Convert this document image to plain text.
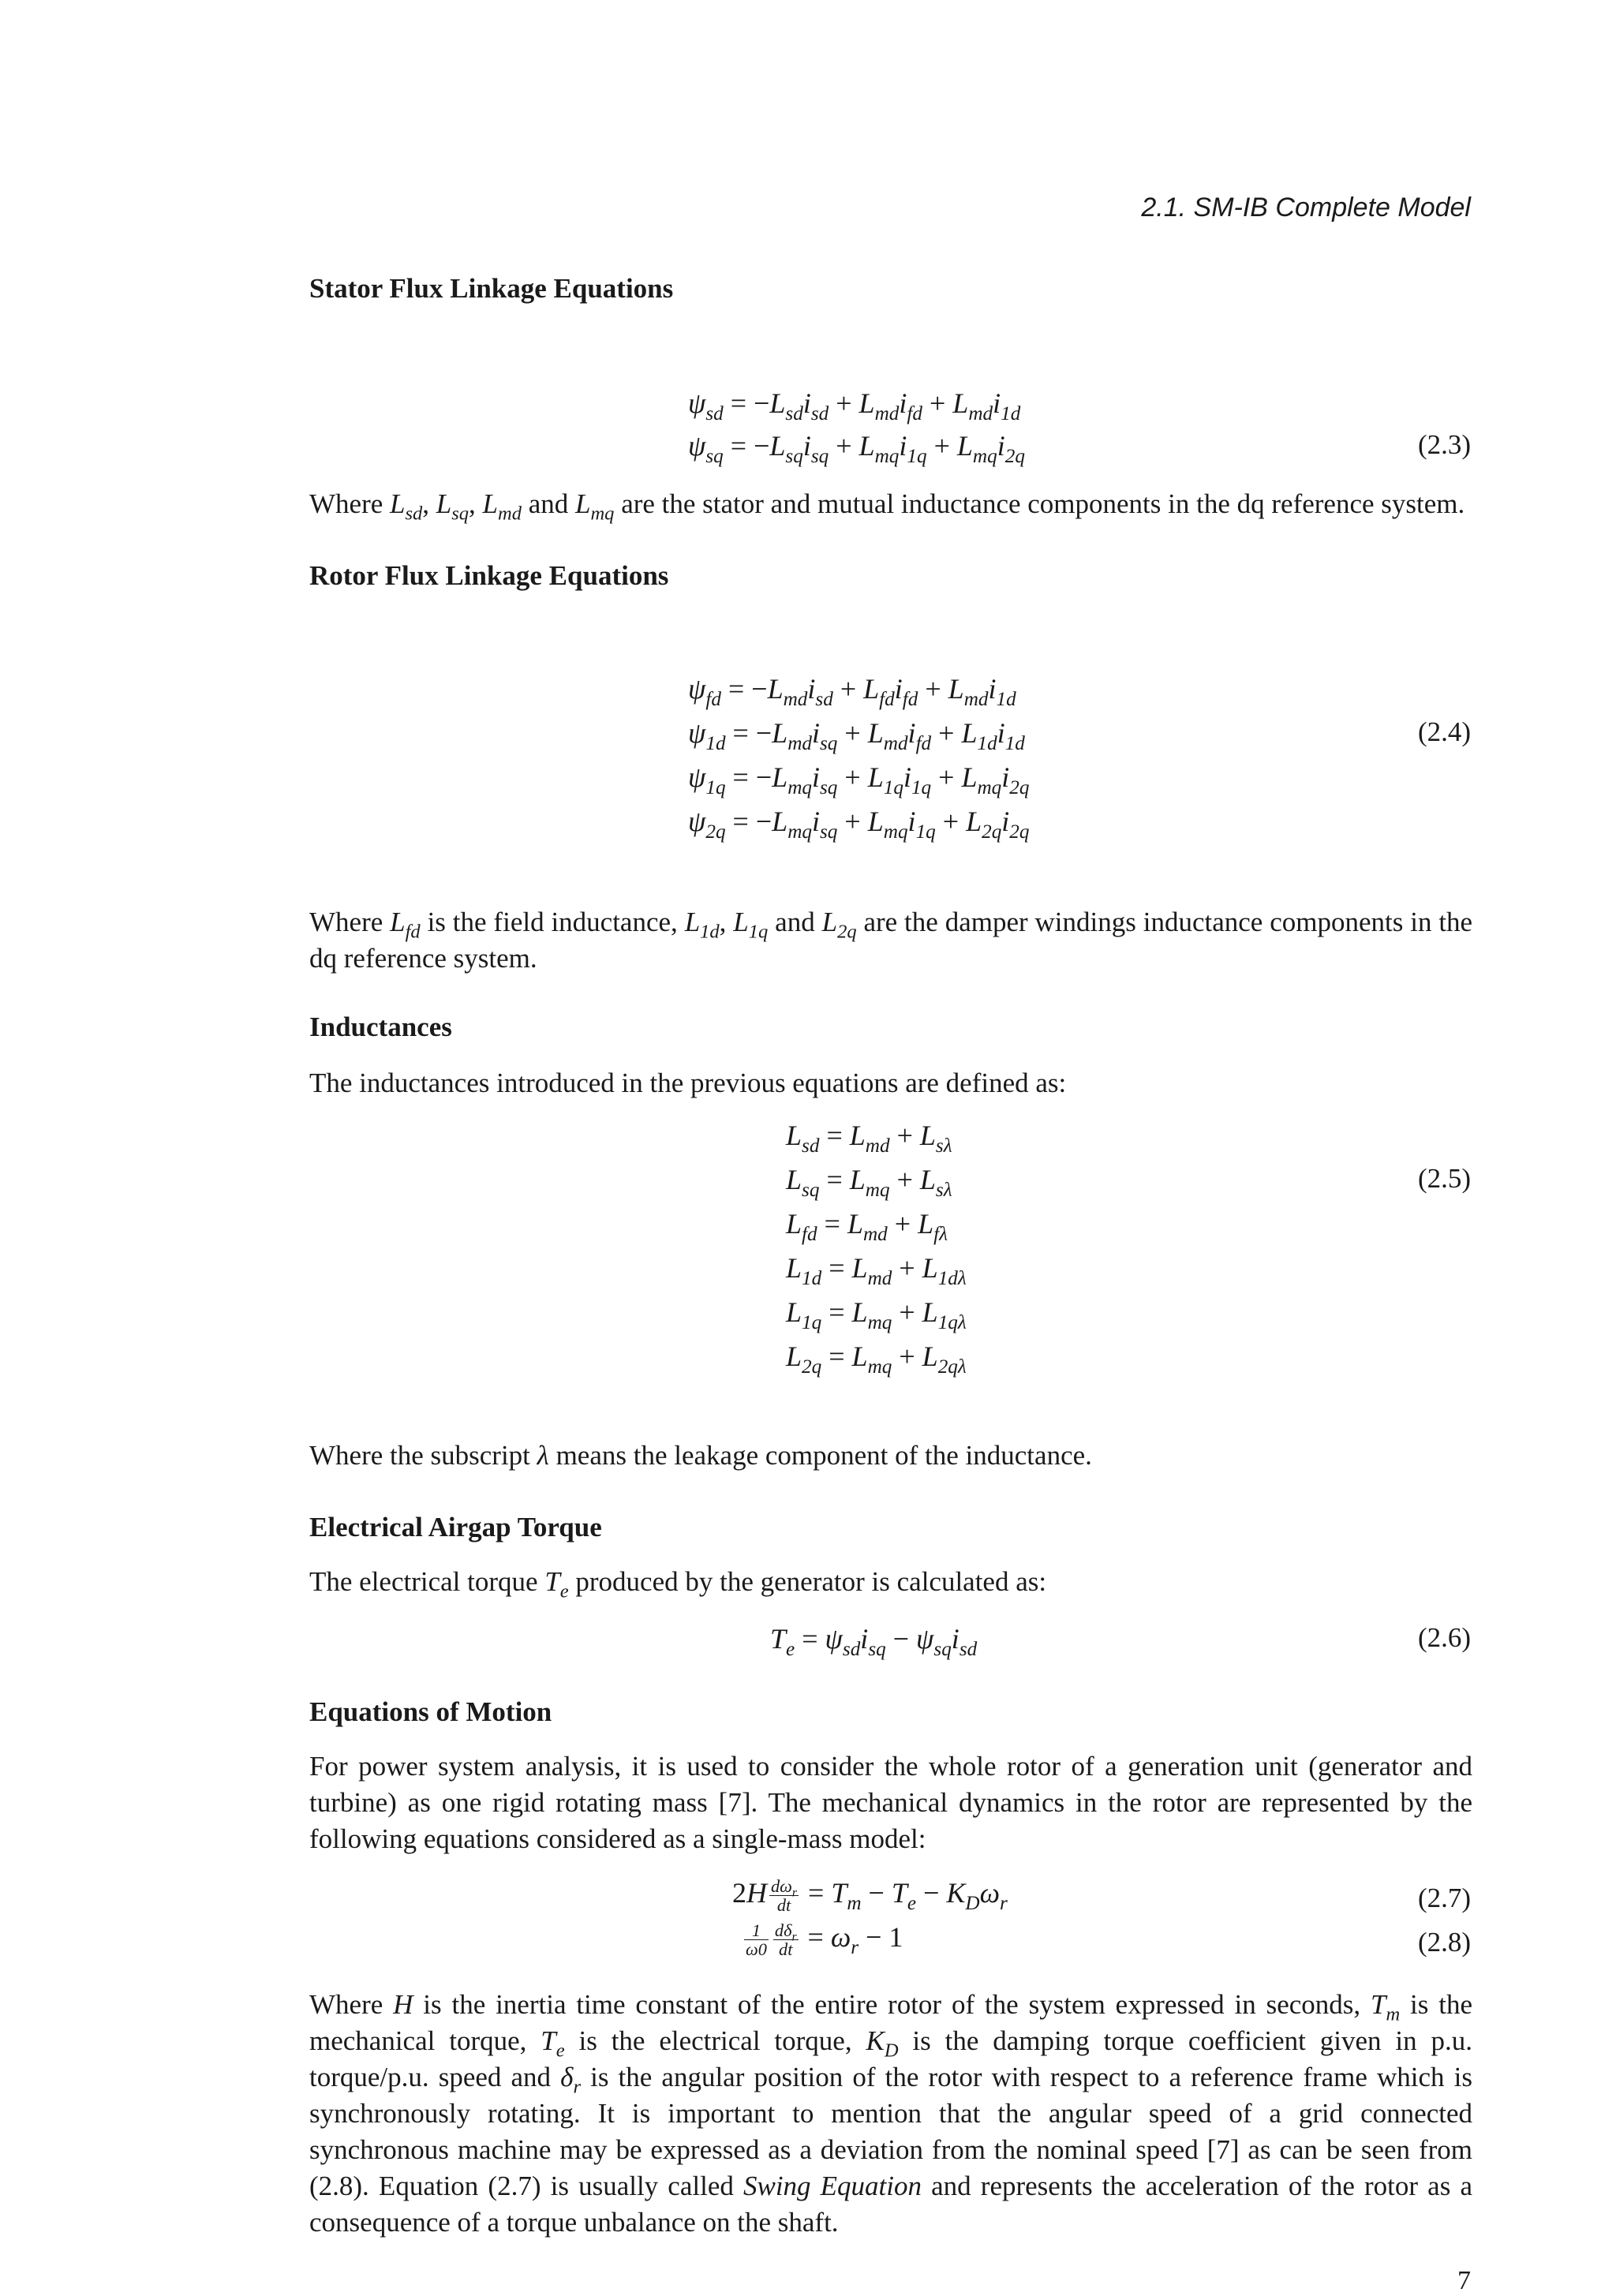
2.1. SM-IB Complete Model
Stator Flux Linkage Equations
$\psi_{sd} = -L_{sd}i_{sd} + L_{md}i_{fd} + L_{md}i_{1d}$
$\psi_{sq} = -L_{sq}i_{sq} + L_{mq}i_{1q} + L_{mq}i_{2q}$	(2.3)
Where $L_{sd}$, $L_{sq}$, $L_{md}$ and $L_{mq}$ are the stator and mutual inductance components in the dq reference system.
Rotor Flux Linkage Equations
$\psi_{fd} = -L_{md}i_{sd} + L_{fd}i_{fd} + L_{md}i_{1d}$
$\psi_{1d} = -L_{md}i_{sq} + L_{md}i_{fd} + L_{1d}i_{1d}$
$\psi_{1q} = -L_{mq}i_{sq} + L_{1q}i_{1q} + L_{mq}i_{2q}$
$\psi_{2q} = -L_{mq}i_{sq} + L_{mq}i_{1q} + L_{2q}i_{2q}$
(2.4)
Where $L_{fd}$ is the field inductance, $L_{1d}$, $L_{1q}$ and $L_{2q}$ are the damper windings inductance components in the dq reference system.
Inductances
The inductances introduced in the previous equations are defined as:
$L_{sd} = L_{md} + L_{s\lambda}$
$L_{sq} = L_{mq} + L_{s\lambda}$
$L_{fd} = L_{md} + L_{f\lambda}$
$L_{1d} = L_{md} + L_{1d\lambda}$
$L_{1q} = L_{mq} + L_{1q\lambda}$
$L_{2q} = L_{mq} + L_{2q\lambda}$
(2.5)
Where the subscript λ means the leakage component of the inductance.
Electrical Airgap Torque
The electrical torque $T_e$ produced by the generator is calculated as:
$T_e = \psi_{sd}i_{sq} - \psi_{sq}i_{sd}$	(2.6)
Equations of Motion
For power system analysis, it is used to consider the whole rotor of a generation unit (generator and turbine) as one rigid rotating mass [7]. The mechanical dynamics in the rotor are represented by the following equations considered as a single-mass model:
$2H \frac{d\omega_r}{dt} = T_m - T_e - K_D\omega_r$	(2.7)
$\frac{1}{\omega 0} \frac{d\delta_r}{dt} = \omega_r - 1$	(2.8)
Where H is the inertia time constant of the entire rotor of the system expressed in seconds, $T_m$ is the mechanical torque, $T_e$ is the electrical torque, $K_D$ is the damping torque coefficient given in p.u. torque/p.u. speed and $\delta_r$ is the angular position of the rotor with respect to a reference frame which is synchronously rotating. It is important to mention that the angular speed of a grid connected synchronous machine may be expressed as a deviation from the nominal speed [7] as can be seen from (2.8). Equation (2.7) is usually called Swing Equation and represents the acceleration of the rotor as a consequence of a torque unbalance on the shaft.
7
